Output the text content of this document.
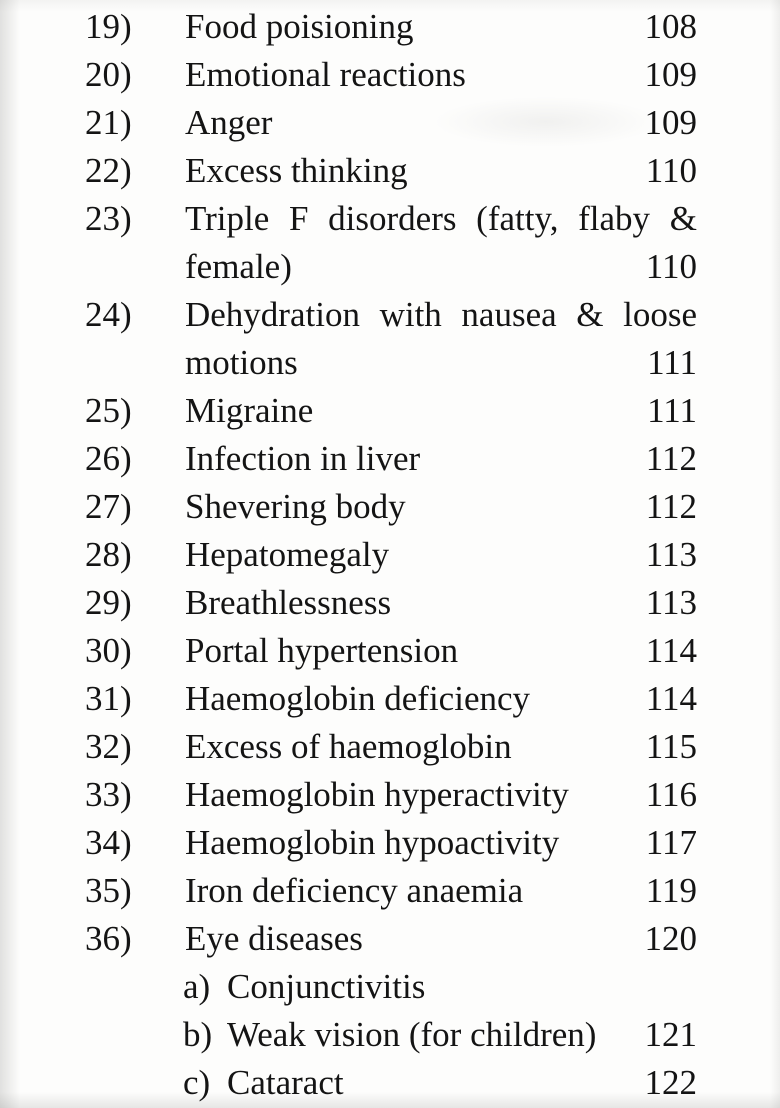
19)	Food poisioning	108
20)	Emotional reactions	109
21)	Anger	109
22)	Excess thinking	110
23)	Triple F disorders (fatty, flaby &
female)	110
24)	Dehydration with nausea & loose
motions	111
25)	Migraine	111
26)	Infection in liver	112
27)	Shevering body	112
28)	Hepatomegaly	113
29)	Breathlessness	113
30)	Portal hypertension	114
31)	Haemoglobin deficiency	114
32)	Excess of haemoglobin	115
33)	Haemoglobin hyperactivity	116
34)	Haemoglobin hypoactivity	117
35)	Iron deficiency anaemia	119
36)	Eye diseases	120
a) Conjunctivitis
b) Weak vision (for children)	121
c) Cataract	122
